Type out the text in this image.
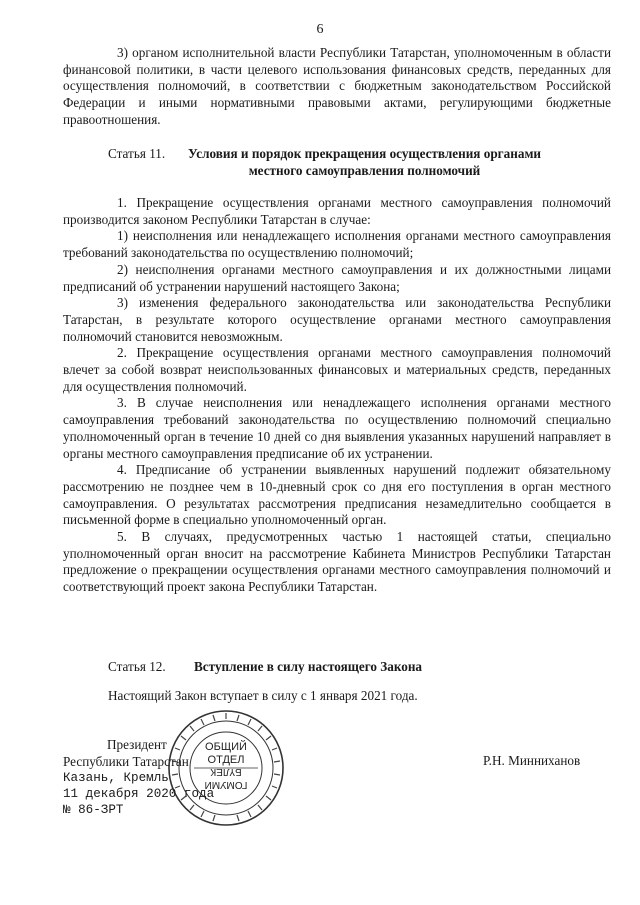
6

3) органом исполнительной власти Республики Татарстан, уполномоченным в области финансовой политики, в части целевого использования финансовых средств, переданных для осуществления полномочий, в соответствии с бюджетным законодательством Российской Федерации и иными нормативными правовыми актами, регулирующими бюджетные правоотношения.

Статья 11. Условия и порядок прекращения осуществления органами
местного самоуправления полномочий

1. Прекращение осуществления органами местного самоуправления полномочий производится законом Республики Татарстан в случае:

1) неисполнения или ненадлежащего исполнения органами местного самоуправления требований законодательства по осуществлению полномочий;

2) неисполнения органами местного самоуправления и их должностными лицами предписаний об устранении нарушений настоящего Закона;

3) изменения федерального законодательства или законодательства Республики Татарстан, в результате которого осуществление органами местного самоуправления полномочий становится невозможным.

2. Прекращение осуществления органами местного самоуправления полномочий влечет за собой возврат неиспользованных финансовых и материальных средств, переданных для осуществления полномочий.

3. В случае неисполнения или ненадлежащего исполнения органами местного самоуправления требований законодательства по осуществлению полномочий специально уполномоченный орган в течение 10 дней со дня выявления указанных нарушений направляет в органы местного самоуправления предписание об их устранении.

4. Предписание об устранении выявленных нарушений подлежит обязательному рассмотрению не позднее чем в 10-дневный срок со дня его поступления в орган местного самоуправления. О результатах рассмотрения предписания незамедлительно сообщается в письменной форме в специально уполномоченный орган.

5. В случаях, предусмотренных частью 1 настоящей статьи, специально уполномоченный орган вносит на рассмотрение Кабинета Министров Республики Татарстан предложение о прекращении осуществления органами местного самоуправления полномочий и соответствующий проект закона Республики Татарстан.

Статья 12. Вступление в силу настоящего Закона
Настоящий Закон вступает в силу с 1 января 2021 года.
ОБЩИЙ
ОТДЕЛ
БҮЛЕК
ГОМУМИ
Президент
Республики Татарстан
Казань, Кремль
11 декабря 2020 года
№ 86-ЗРТ
Р.Н. Минниханов
